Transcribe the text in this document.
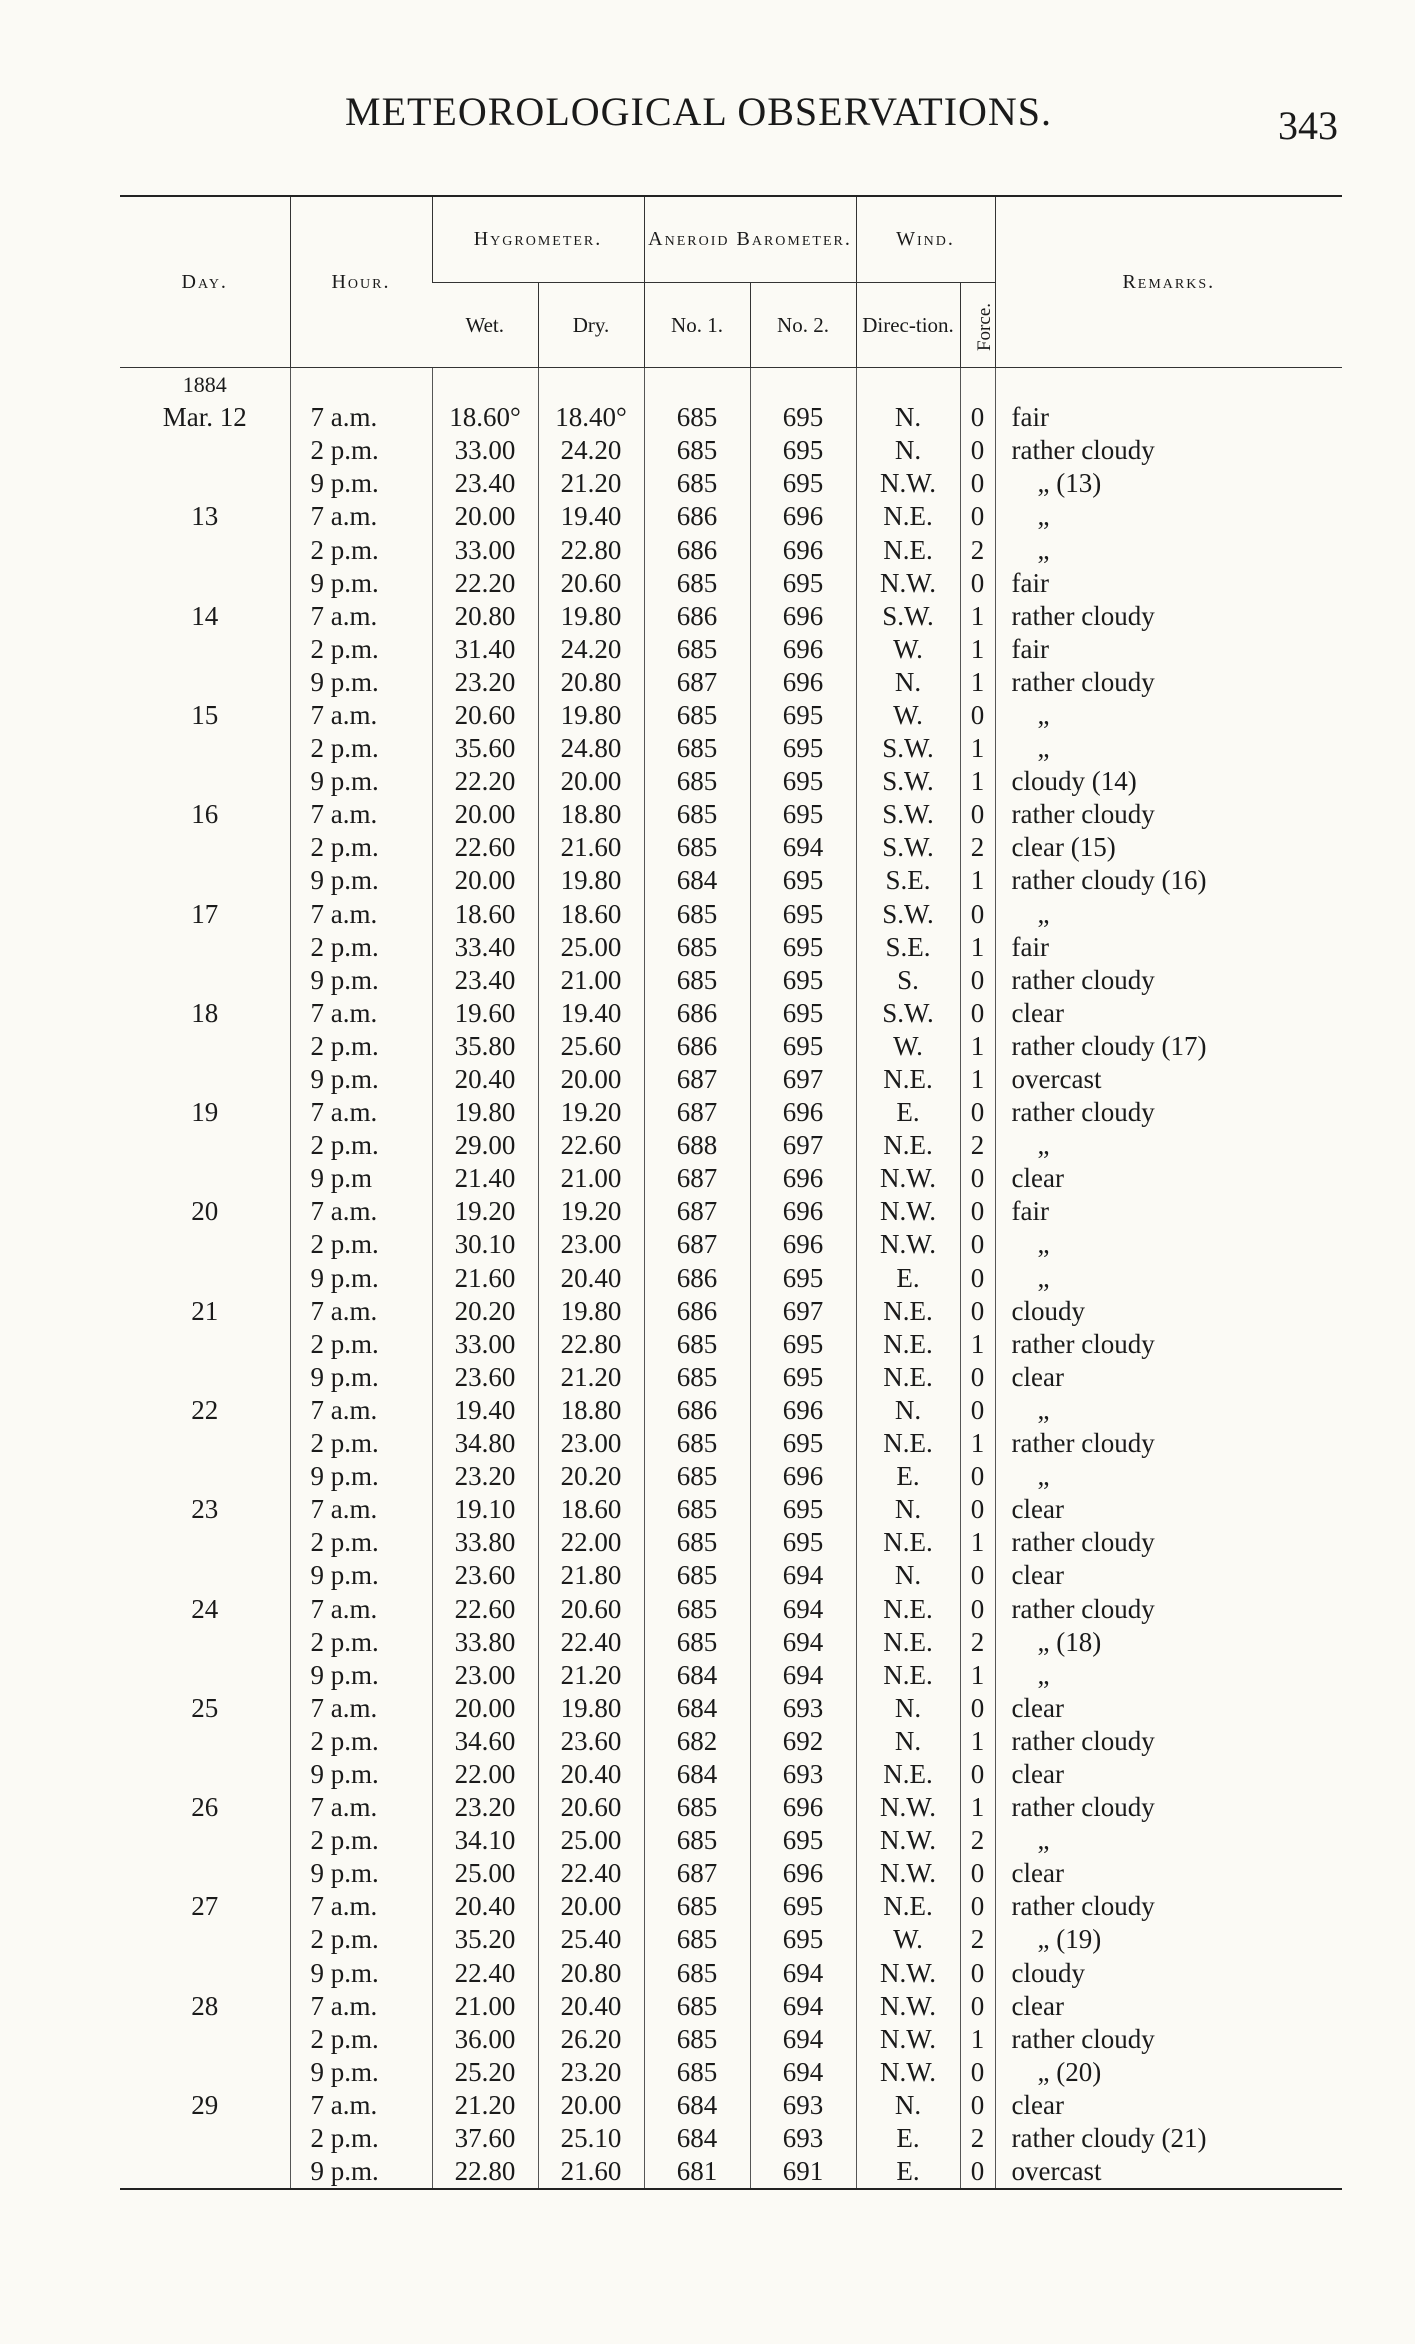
METEOROLOGICAL OBSERVATIONS.	343
Day.	Hour.	Hygrometer.		Aneroid Barometer.		Wind.		Remarks.
		Wet.	Dry.	No. 1.	No. 2.	Direc-tion.	Force.	
1884								
Mar. 12	7 a.m.	18.60°	18.40°	685	695	N.	0	fair
	2 p.m.	33.00	24.20	685	695	N.	0	rather cloudy
	9 p.m.	23.40	21.20	685	695	N.W.	0	„ (13)
13	7 a.m.	20.00	19.40	686	696	N.E.	0	„
	2 p.m.	33.00	22.80	686	696	N.E.	2	„
	9 p.m.	22.20	20.60	685	695	N.W.	0	fair
14	7 a.m.	20.80	19.80	686	696	S.W.	1	rather cloudy
	2 p.m.	31.40	24.20	685	696	W.	1	fair
	9 p.m.	23.20	20.80	687	696	N.	1	rather cloudy
15	7 a.m.	20.60	19.80	685	695	W.	0	„
	2 p.m.	35.60	24.80	685	695	S.W.	1	„
	9 p.m.	22.20	20.00	685	695	S.W.	1	cloudy (14)
16	7 a.m.	20.00	18.80	685	695	S.W.	0	rather cloudy
	2 p.m.	22.60	21.60	685	694	S.W.	2	clear (15)
	9 p.m.	20.00	19.80	684	695	S.E.	1	rather cloudy (16)
17	7 a.m.	18.60	18.60	685	695	S.W.	0	„
	2 p.m.	33.40	25.00	685	695	S.E.	1	fair
	9 p.m.	23.40	21.00	685	695	S.	0	rather cloudy
18	7 a.m.	19.60	19.40	686	695	S.W.	0	clear
	2 p.m.	35.80	25.60	686	695	W.	1	rather cloudy (17)
	9 p.m.	20.40	20.00	687	697	N.E.	1	overcast
19	7 a.m.	19.80	19.20	687	696	E.	0	rather cloudy
	2 p.m.	29.00	22.60	688	697	N.E.	2	„
	9 p.m	21.40	21.00	687	696	N.W.	0	clear
20	7 a.m.	19.20	19.20	687	696	N.W.	0	fair
	2 p.m.	30.10	23.00	687	696	N.W.	0	„
	9 p.m.	21.60	20.40	686	695	E.	0	„
21	7 a.m.	20.20	19.80	686	697	N.E.	0	cloudy
	2 p.m.	33.00	22.80	685	695	N.E.	1	rather cloudy
	9 p.m.	23.60	21.20	685	695	N.E.	0	clear
22	7 a.m.	19.40	18.80	686	696	N.	0	„
	2 p.m.	34.80	23.00	685	695	N.E.	1	rather cloudy
	9 p.m.	23.20	20.20	685	696	E.	0	„
23	7 a.m.	19.10	18.60	685	695	N.	0	clear
	2 p.m.	33.80	22.00	685	695	N.E.	1	rather cloudy
	9 p.m.	23.60	21.80	685	694	N.	0	clear
24	7 a.m.	22.60	20.60	685	694	N.E.	0	rather cloudy
	2 p.m.	33.80	22.40	685	694	N.E.	2	„ (18)
	9 p.m.	23.00	21.20	684	694	N.E.	1	„
25	7 a.m.	20.00	19.80	684	693	N.	0	clear
	2 p.m.	34.60	23.60	682	692	N.	1	rather cloudy
	9 p.m.	22.00	20.40	684	693	N.E.	0	clear
26	7 a.m.	23.20	20.60	685	696	N.W.	1	rather cloudy
	2 p.m.	34.10	25.00	685	695	N.W.	2	„
	9 p.m.	25.00	22.40	687	696	N.W.	0	clear
27	7 a.m.	20.40	20.00	685	695	N.E.	0	rather cloudy
	2 p.m.	35.20	25.40	685	695	W.	2	„ (19)
	9 p.m.	22.40	20.80	685	694	N.W.	0	cloudy
28	7 a.m.	21.00	20.40	685	694	N.W.	0	clear
	2 p.m.	36.00	26.20	685	694	N.W.	1	rather cloudy
	9 p.m.	25.20	23.20	685	694	N.W.	0	„ (20)
29	7 a.m.	21.20	20.00	684	693	N.	0	clear
	2 p.m.	37.60	25.10	684	693	E.	2	rather cloudy (21)
	9 p.m.	22.80	21.60	681	691	E.	0	overcast
